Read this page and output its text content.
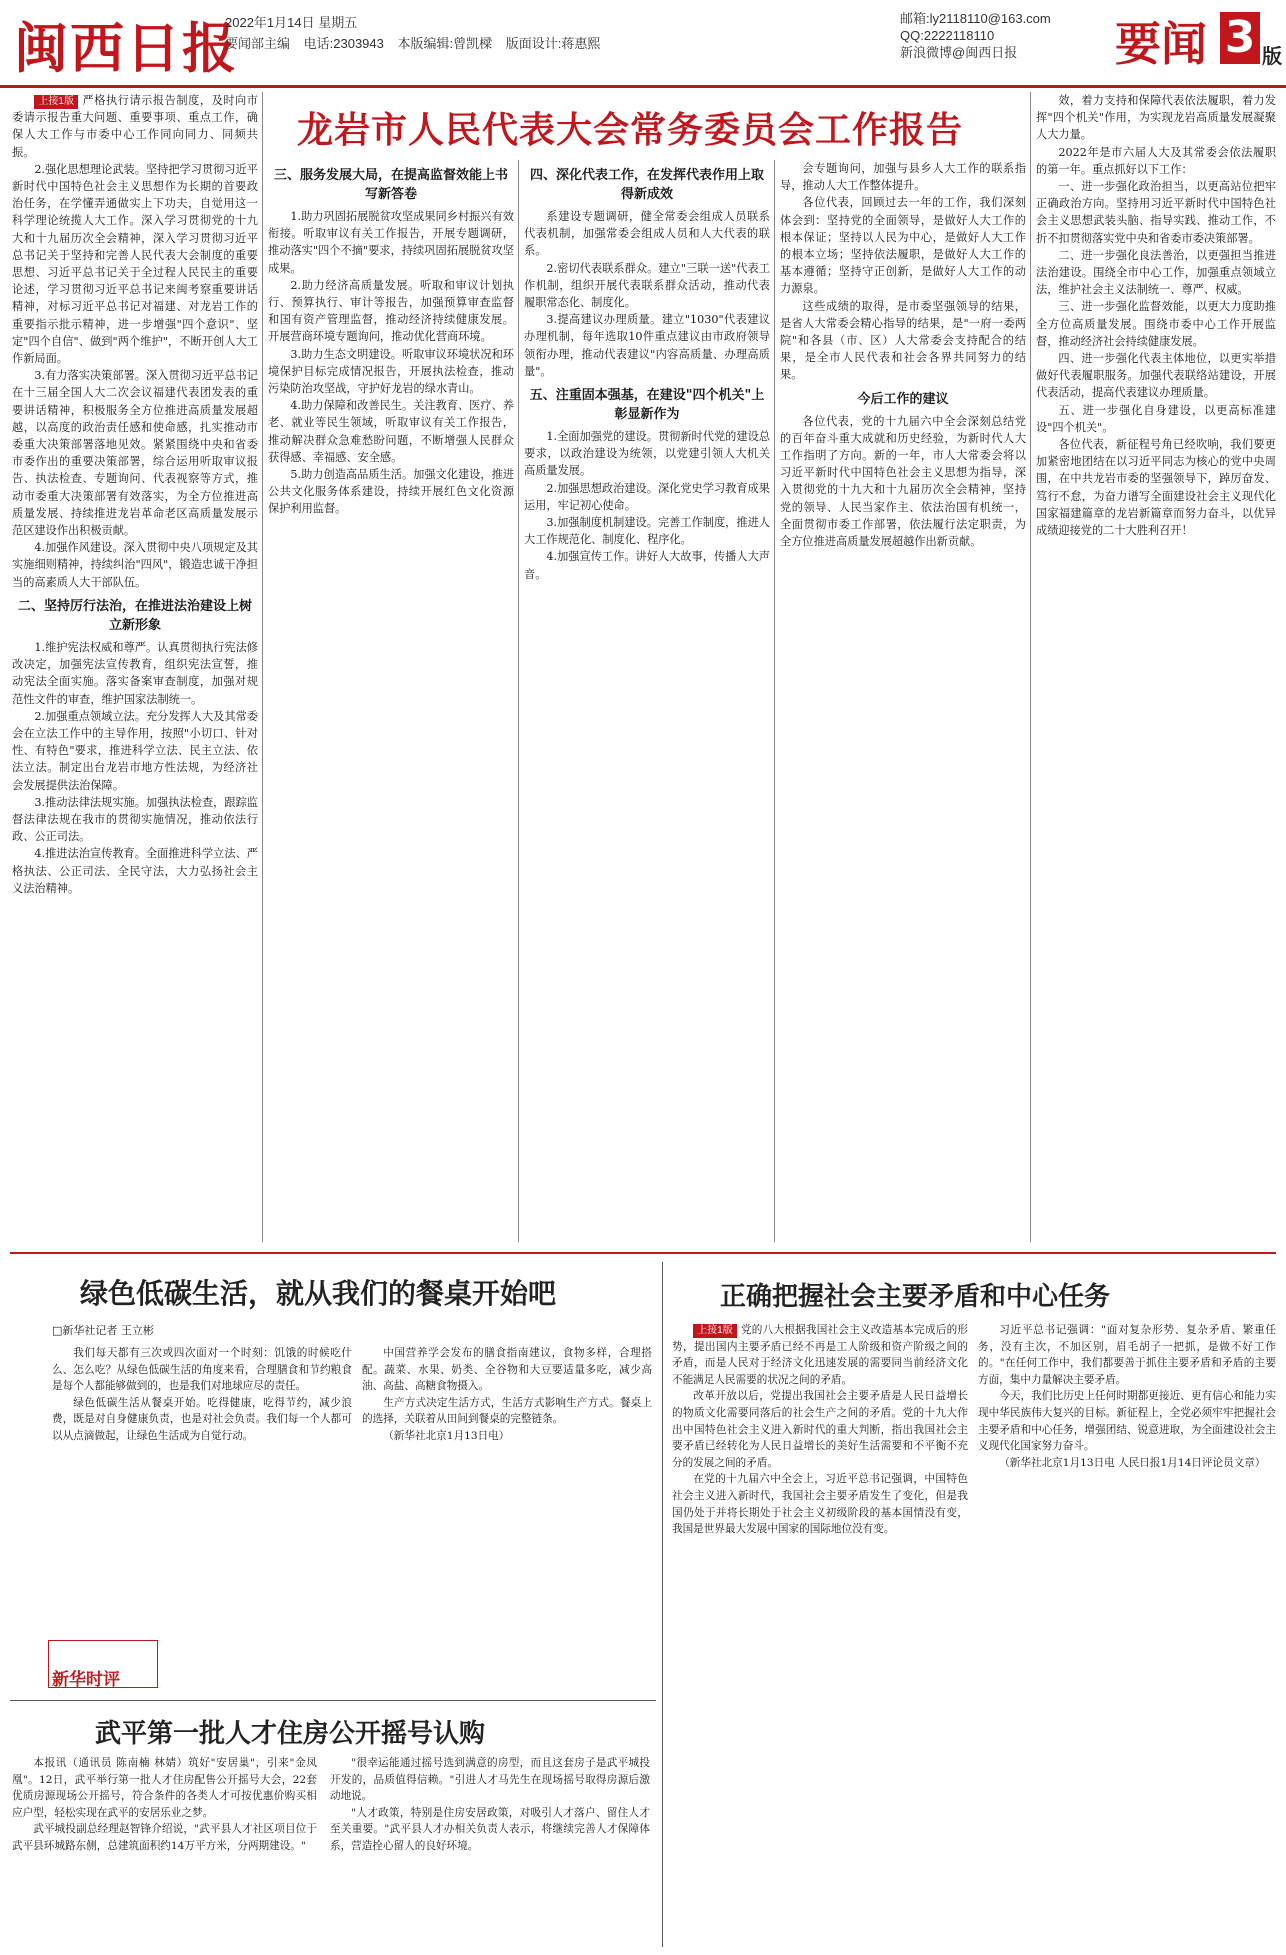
闽西日报
2022年1月14日 星期五
要闻部主编 电话:2303943 本版编辑:曾凯樑 版面设计:蒋惠熙
邮箱:ly2118110@163.com
QQ:2222118110
新浪微博@闽西日报	要闻 3 版
龙岩市人民代表大会常务委员会工作报告

上接1版 严格执行请示报告制度，及时向市委请示报告重大问题、重要事项、重点工作，确保人大工作与市委中心工作同向同力、同频共振。

2.强化思想理论武装。坚持把学习贯彻习近平新时代中国特色社会主义思想作为长期的首要政治任务，在学懂弄通做实上下功夫，自觉用这一科学理论统揽人大工作。深入学习贯彻党的十九大和十九届历次全会精神，深入学习贯彻习近平总书记关于坚持和完善人民代表大会制度的重要思想、习近平总书记关于全过程人民民主的重要论述，学习贯彻习近平总书记来闽考察重要讲话精神，对标习近平总书记对福建、对龙岩工作的重要指示批示精神，进一步增强"四个意识"、坚定"四个自信"、做到"两个维护"，不断开创人大工作新局面。

3.有力落实决策部署。深入贯彻习近平总书记在十三届全国人大二次会议福建代表团发表的重要讲话精神，积极服务全方位推进高质量发展超越，以高度的政治责任感和使命感，扎实推动市委重大决策部署落地见效。紧紧围绕中央和省委市委作出的重要决策部署，综合运用听取审议报告、执法检查、专题询问、代表视察等方式，推动市委重大决策部署有效落实，为全方位推进高质量发展、持续推进龙岩革命老区高质量发展示范区建设作出积极贡献。

4.加强作风建设。深入贯彻中央八项规定及其实施细则精神，持续纠治"四风"，锻造忠诚干净担当的高素质人大干部队伍。

二、坚持厉行法治，在推进法治建设上树立新形象

1.维护宪法权威和尊严。认真贯彻执行宪法修改决定，加强宪法宣传教育，组织宪法宣誓，推动宪法全面实施。落实备案审查制度，加强对规范性文件的审查，维护国家法制统一。

2.加强重点领域立法。充分发挥人大及其常委会在立法工作中的主导作用，按照"小切口、针对性、有特色"要求，推进科学立法、民主立法、依法立法。制定出台龙岩市地方性法规，为经济社会发展提供法治保障。

3.推动法律法规实施。加强执法检查，跟踪监督法律法规在我市的贯彻实施情况，推动依法行政、公正司法。

4.推进法治宣传教育。全面推进科学立法、严格执法、公正司法、全民守法，大力弘扬社会主义法治精神。

三、服务发展大局，在提高监督效能上书写新答卷

1.助力巩固拓展脱贫攻坚成果同乡村振兴有效衔接。听取审议有关工作报告，开展专题调研，推动落实"四个不摘"要求，持续巩固拓展脱贫攻坚成果。

2.助力经济高质量发展。听取和审议计划执行、预算执行、审计等报告，加强预算审查监督和国有资产管理监督，推动经济持续健康发展。开展营商环境专题询问，推动优化营商环境。

3.助力生态文明建设。听取审议环境状况和环境保护目标完成情况报告，开展执法检查，推动污染防治攻坚战，守护好龙岩的绿水青山。

4.助力保障和改善民生。关注教育、医疗、养老、就业等民生领域，听取审议有关工作报告，推动解决群众急难愁盼问题，不断增强人民群众获得感、幸福感、安全感。

5.助力创造高品质生活。加强文化建设，推进公共文化服务体系建设，持续开展红色文化资源保护利用监督。

四、深化代表工作，在发挥代表作用上取得新成效

系建设专题调研，健全常委会组成人员联系代表机制，加强常委会组成人员和人大代表的联系。

2.密切代表联系群众。建立"三联一送"代表工作机制，组织开展代表联系群众活动，推动代表履职常态化、制度化。

3.提高建议办理质量。建立"1030"代表建议办理机制，每年选取10件重点建议由市政府领导领衔办理，推动代表建议"内容高质量、办理高质量"。

五、注重固本强基，在建设"四个机关"上彰显新作为

1.全面加强党的建设。贯彻新时代党的建设总要求，以政治建设为统领，以党建引领人大机关高质量发展。

2.加强思想政治建设。深化党史学习教育成果运用，牢记初心使命。

3.加强制度机制建设。完善工作制度，推进人大工作规范化、制度化、程序化。

4.加强宣传工作。讲好人大故事，传播人大声音。

会专题询问，加强与县乡人大工作的联系指导，推动人大工作整体提升。

各位代表，回顾过去一年的工作，我们深刻体会到：坚持党的全面领导，是做好人大工作的根本保证；坚持以人民为中心，是做好人大工作的根本立场；坚持依法履职，是做好人大工作的基本遵循；坚持守正创新，是做好人大工作的动力源泉。

这些成绩的取得，是市委坚强领导的结果，是省人大常委会精心指导的结果，是"一府一委两院"和各县（市、区）人大常委会支持配合的结果，是全市人民代表和社会各界共同努力的结果。

今后工作的建议

各位代表，党的十九届六中全会深刻总结党的百年奋斗重大成就和历史经验，为新时代人大工作指明了方向。新的一年，市人大常委会将以习近平新时代中国特色社会主义思想为指导，深入贯彻党的十九大和十九届历次全会精神，坚持党的领导、人民当家作主、依法治国有机统一，全面贯彻市委工作部署，依法履行法定职责，为全方位推进高质量发展超越作出新贡献。

效，着力支持和保障代表依法履职，着力发挥"四个机关"作用，为实现龙岩高质量发展凝聚人大力量。

2022年是市六届人大及其常委会依法履职的第一年。重点抓好以下工作：

一、进一步强化政治担当，以更高站位把牢正确政治方向。坚持用习近平新时代中国特色社会主义思想武装头脑、指导实践、推动工作，不折不扣贯彻落实党中央和省委市委决策部署。

二、进一步强化良法善治，以更强担当推进法治建设。围绕全市中心工作，加强重点领域立法，维护社会主义法制统一、尊严、权威。

三、进一步强化监督效能，以更大力度助推全方位高质量发展。围绕市委中心工作开展监督，推动经济社会持续健康发展。

四、进一步强化代表主体地位，以更实举措做好代表履职服务。加强代表联络站建设，开展代表活动，提高代表建议办理质量。

五、进一步强化自身建设，以更高标准建设"四个机关"。

各位代表，新征程号角已经吹响，我们要更加紧密地团结在以习近平同志为核心的党中央周围，在中共龙岩市委的坚强领导下，踔厉奋发、笃行不怠，为奋力谱写全面建设社会主义现代化国家福建篇章的龙岩新篇章而努力奋斗，以优异成绩迎接党的二十大胜利召开！

绿色低碳生活，就从我们的餐桌开始吧
□新华社记者 王立彬

我们每天都有三次或四次面对一个时刻：饥饿的时候吃什么、怎么吃？从绿色低碳生活的角度来看，合理膳食和节约粮食是每个人都能够做到的，也是我们对地球应尽的责任。

绿色低碳生活从餐桌开始。吃得健康，吃得节约，减少浪费，既是对自身健康负责，也是对社会负责。我们每一个人都可以从点滴做起，让绿色生活成为自觉行动。

新华时评

中国营养学会发布的膳食指南建议，食物多样，合理搭配。蔬菜、水果、奶类、全谷物和大豆要适量多吃，减少高油、高盐、高糖食物摄入。

生产方式决定生活方式，生活方式影响生产方式。餐桌上的选择，关联着从田间到餐桌的完整链条。

（新华社北京1月13日电）

武平第一批人才住房公开摇号认购

本报讯（通讯员 陈南楠 林婧）筑好"安居巢"，引来"金凤凰"。12日，武平举行第一批人才住房配售公开摇号大会，22套优质房源现场公开摇号，符合条件的各类人才可按优惠价购买相应户型，轻松实现在武平的安居乐业之梦。

武平城投副总经理赵智锋介绍说，"武平县人才社区项目位于武平县环城路东侧，总建筑面积约14万平方米，分两期建设。"

"很幸运能通过摇号选到满意的房型，而且这套房子是武平城投开发的，品质值得信赖。"引进人才马先生在现场摇号取得房源后激动地说。

"人才政策，特别是住房安居政策，对吸引人才落户、留住人才至关重要。"武平县人才办相关负责人表示，将继续完善人才保障体系，营造拴心留人的良好环境。

正确把握社会主要矛盾和中心任务

上接1版 党的八大根据我国社会主义改造基本完成后的形势，提出国内主要矛盾已经不再是工人阶级和资产阶级之间的矛盾，而是人民对于经济文化迅速发展的需要同当前经济文化不能满足人民需要的状况之间的矛盾。

改革开放以后，党提出我国社会主要矛盾是人民日益增长的物质文化需要同落后的社会生产之间的矛盾。党的十九大作出中国特色社会主义进入新时代的重大判断，指出我国社会主要矛盾已经转化为人民日益增长的美好生活需要和不平衡不充分的发展之间的矛盾。

在党的十九届六中全会上，习近平总书记强调，中国特色社会主义进入新时代，我国社会主要矛盾发生了变化，但是我国仍处于并将长期处于社会主义初级阶段的基本国情没有变，我国是世界最大发展中国家的国际地位没有变。

习近平总书记强调："面对复杂形势、复杂矛盾、繁重任务，没有主次，不加区别，眉毛胡子一把抓，是做不好工作的。"在任何工作中，我们都要善于抓住主要矛盾和矛盾的主要方面，集中力量解决主要矛盾。

今天，我们比历史上任何时期都更接近、更有信心和能力实现中华民族伟大复兴的目标。新征程上，全党必须牢牢把握社会主要矛盾和中心任务，增强团结、锐意进取，为全面建设社会主义现代化国家努力奋斗。

（新华社北京1月13日电 人民日报1月14日评论员文章）
